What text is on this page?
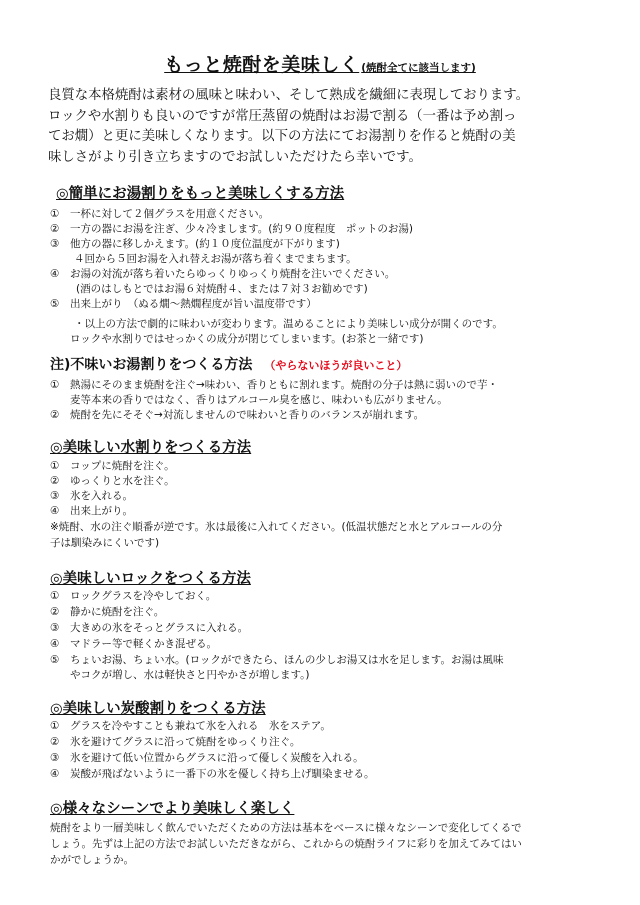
もっと焼酎を美味しく (焼酎全てに該当します)
良質な本格焼酎は素材の風味と味わい、そして熟成を繊細に表現しております。
ロックや水割りも良いのですが常圧蒸留の焼酎はお湯で割る（一番は予め割っ
てお燗）と更に美味しくなります。以下の方法にてお湯割りを作ると焼酎の美
味しさがより引き立ちますのでお試しいただけたら幸いです。
◎簡単にお湯割りをもっと美味しくする方法
① 一杯に対して２個グラスを用意ください。
② 一方の器にお湯を注ぎ、少々冷まします。(約９０度程度　ポットのお湯)
③ 他方の器に移しかえます。(約１０度位温度が下がります)
４回から５回お湯を入れ替えお湯が落ち着くまでまちます。
④ お湯の対流が落ち着いたらゆっくりゆっくり焼酎を注いでください。
(酒のはしもとではお湯６対焼酎４、または７対３お勧めです)
⑤ 出来上がり　（ぬる燗～熱燗程度が旨い温度帯です）
・以上の方法で劇的に味わいが変わります。温めることにより美味しい成分が開くのです。
ロックや水割りではせっかくの成分が閉じてしまいます。(お茶と一緒です)
注)不味いお湯割りをつくる方法 （やらないほうが良いこと）
① 熱湯にそのまま焼酎を注ぐ→味わい、香りともに割れます。焼酎の分子は熱に弱いので芋・
麦等本来の香りではなく、香りはアルコール臭を感じ、味わいも広がりません。
② 焼酎を先にそそぐ→対流しませんので味わいと香りのバランスが崩れます。
◎美味しい水割りをつくる方法
① コップに焼酎を注ぐ。
② ゆっくりと水を注ぐ。
③ 氷を入れる。
④ 出来上がり。
※焼酎、水の注ぐ順番が逆です。氷は最後に入れてください。(低温状態だと水とアルコールの分
子は馴染みにくいです)
◎美味しいロックをつくる方法
① ロックグラスを冷やしておく。
② 静かに焼酎を注ぐ。
③ 大きめの氷をそっとグラスに入れる。
④ マドラー等で軽くかき混ぜる。
⑤ ちょいお湯、ちょい水。(ロックができたら、ほんの少しお湯又は水を足します。お湯は風味
やコクが増し、水は軽快さと円やかさが増します。)
◎美味しい炭酸割りをつくる方法
① グラスを冷やすことも兼ねて氷を入れる　氷をステア。
② 氷を避けてグラスに沿って焼酎をゆっくり注ぐ。
③ 氷を避けて低い位置からグラスに沿って優しく炭酸を入れる。
④ 炭酸が飛ばないように一番下の氷を優しく持ち上げ馴染ませる。
◎様々なシーンでより美味しく楽しく
焼酎をより一層美味しく飲んでいただくための方法は基本をベースに様々なシーンで変化してくるで
しょう。先ずは上記の方法でお試しいただきながら、これからの焼酎ライフに彩りを加えてみてはい
かがでしょうか。
